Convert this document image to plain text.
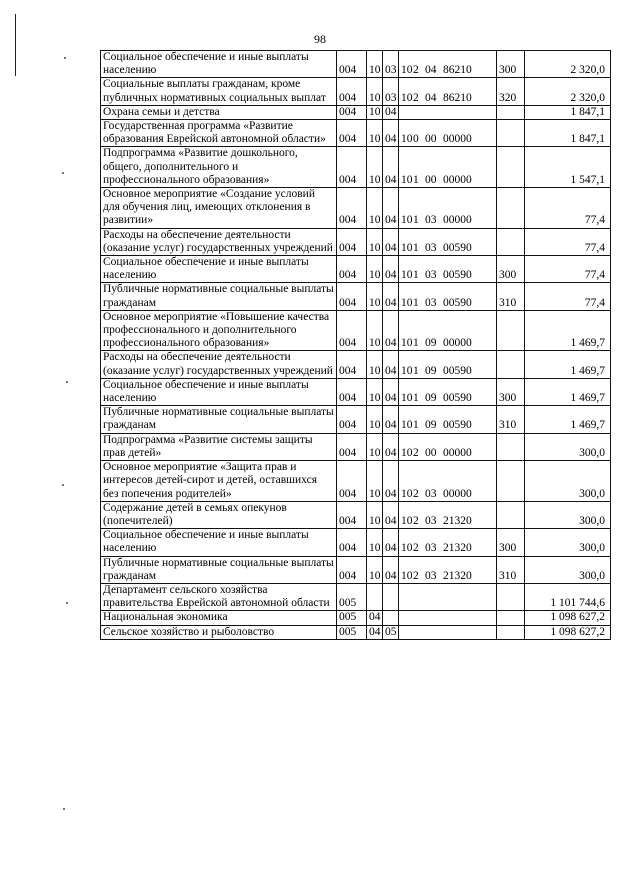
98
Социальное обеспечение и иные выплаты населению	004	10	03	10 2 04 86210	300	2 320,0
Социальные выплаты гражданам, кроме публичных нормативных социальных выплат	004	10	03	10 2 04 86210	320	2 320,0
Охрана семьи и детства	004	10	04			1 847,1
Государственная программа «Развитие образования Еврейской автономной области»	004	10	04	10 0 00 00000		1 847,1
Подпрограмма «Развитие дошкольного, общего, дополнительного и профессионального образования»	004	10	04	10 1 00 00000		1 547,1
Основное мероприятие «Создание условий для обучения лиц, имеющих отклонения в развитии»	004	10	04	10 1 03 00000		77,4
Расходы на обеспечение деятельности (оказание услуг) государственных учреждений	004	10	04	10 1 03 00590		77,4
Социальное обеспечение и иные выплаты населению	004	10	04	10 1 03 00590	300	77,4
Публичные нормативные социальные выплаты гражданам	004	10	04	10 1 03 00590	310	77,4
Основное мероприятие «Повышение качества профессионального и дополнительного профессионального образования»	004	10	04	10 1 09 00000		1 469,7
Расходы на обеспечение деятельности (оказание услуг) государственных учреждений	004	10	04	10 1 09 00590		1 469,7
Социальное обеспечение и иные выплаты населению	004	10	04	10 1 09 00590	300	1 469,7
Публичные нормативные социальные выплаты гражданам	004	10	04	10 1 09 00590	310	1 469,7
Подпрограмма «Развитие системы защиты прав детей»	004	10	04	10 2 00 00000		300,0
Основное мероприятие «Защита прав и интересов детей-сирот и детей, оставшихся без попечения родителей»	004	10	04	10 2 03 00000		300,0
Содержание детей в семьях опекунов (попечителей)	004	10	04	10 2 03 21320		300,0
Социальное обеспечение и иные выплаты населению	004	10	04	10 2 03 21320	300	300,0
Публичные нормативные социальные выплаты гражданам	004	10	04	10 2 03 21320	310	300,0
Департамент сельского хозяйства правительства Еврейской автономной области	005					1 101 744,6
Национальная экономика	005	04				1 098 627,2
Сельское хозяйство и рыболовство	005	04	05			1 098 627,2
